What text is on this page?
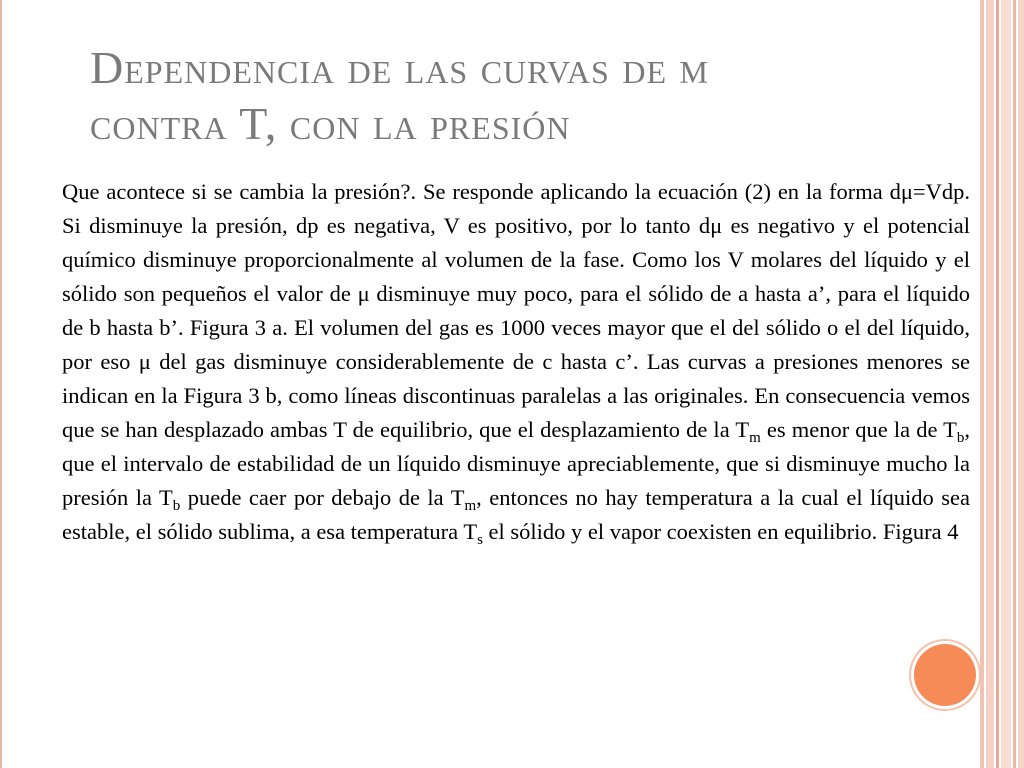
Dependencia de las curvas de μ
contra T, con la presión

Que acontece si se cambia la presión?. Se responde aplicando la ecuación (2) en la forma dμ=Vdp. Si disminuye la presión, dp es negativa, V es positivo, por lo tanto dμ es negativo y el potencial químico disminuye proporcionalmente al volumen de la fase. Como los V molares del líquido y el sólido son pequeños el valor de μ disminuye muy poco, para el sólido de a hasta a’, para el líquido de b hasta b’. Figura 3 a. El volumen del gas es 1000 veces mayor que el del sólido o el del líquido, por eso μ del gas disminuye considerablemente de c hasta c’. Las curvas a presiones menores se indican en la Figura 3 b, como líneas discontinuas paralelas a las originales. En consecuencia vemos que se han desplazado ambas T de equilibrio, que el desplazamiento de la $T_m$ es menor que la de $T_b$, que el intervalo de estabilidad de un líquido disminuye apreciablemente, que si disminuye mucho la presión la $T_b$ puede caer por debajo de la $T_m$, entonces no hay temperatura a la cual el líquido sea estable, el sólido sublima, a esa temperatura $T_s$ el sólido y el vapor coexisten en equilibrio. Figura 4
